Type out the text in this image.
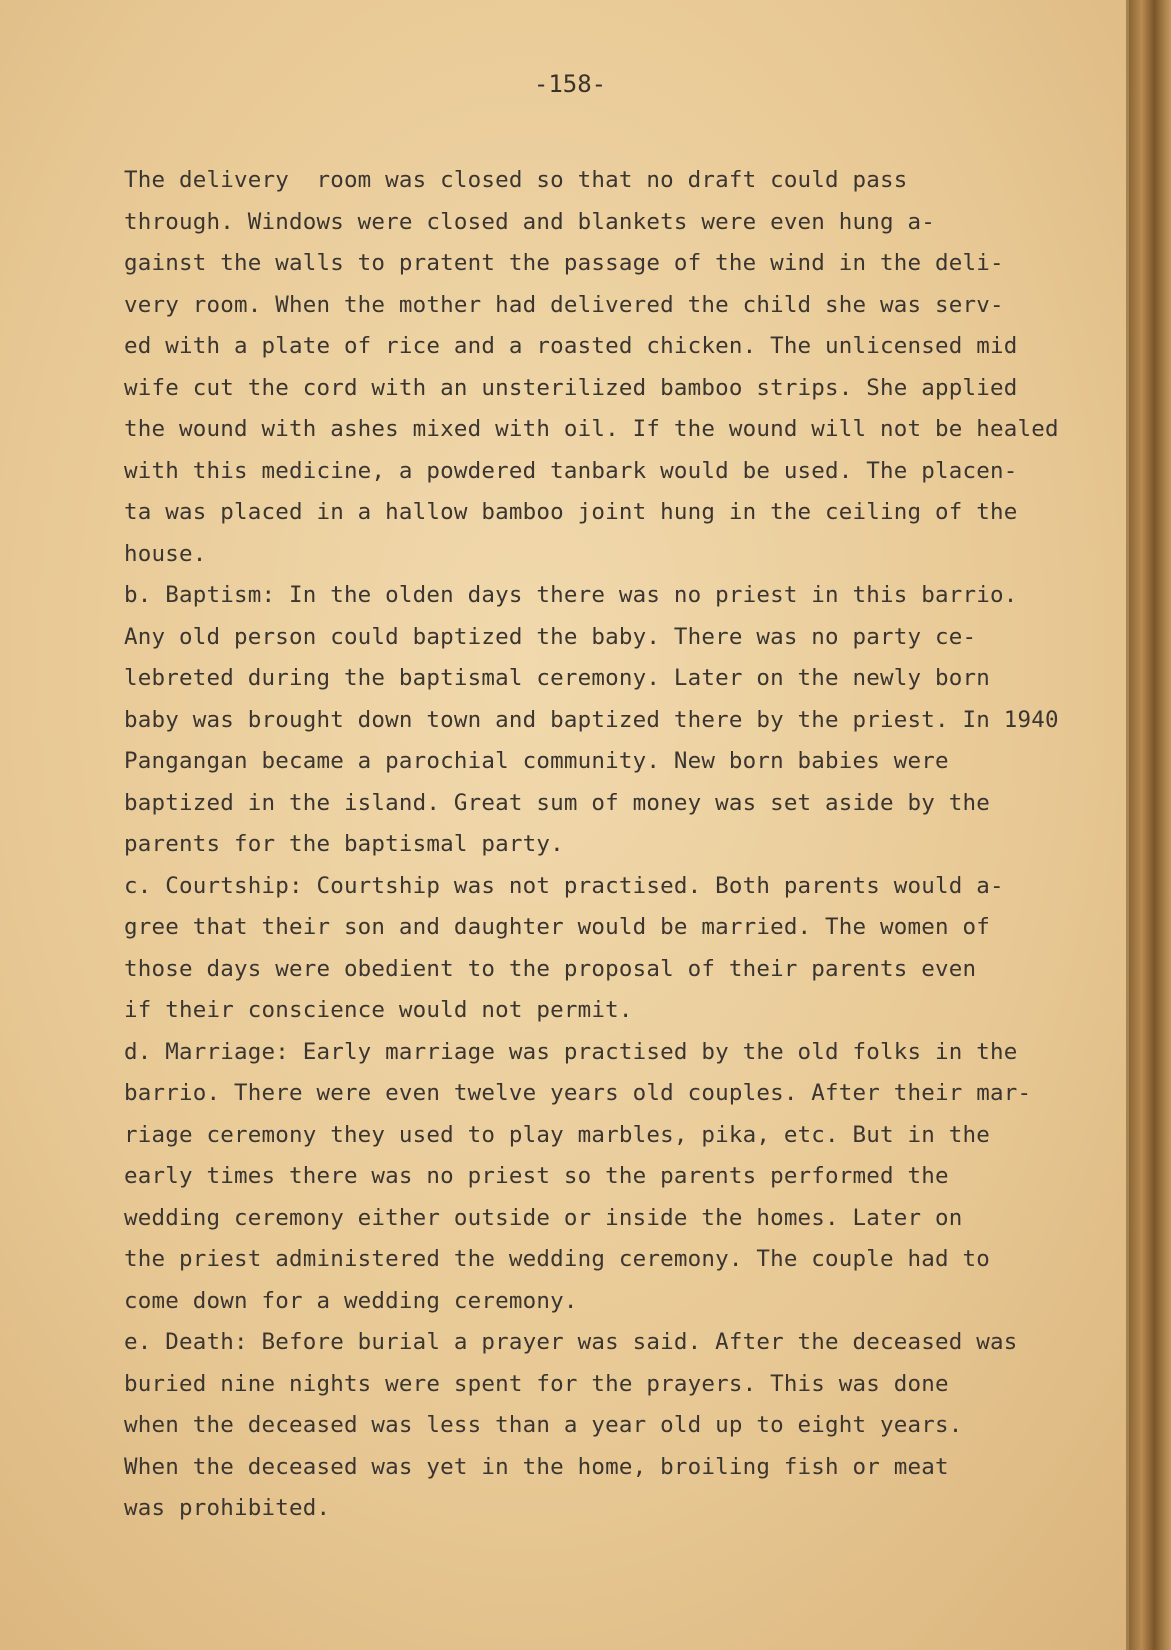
-158-
The delivery  room was closed so that no draft could pass
through. Windows were closed and blankets were even hung a-
gainst the walls to pratent the passage of the wind in the deli-
very room. When the mother had delivered the child she was serv-
ed with a plate of rice and a roasted chicken. The unlicensed mid
wife cut the cord with an unsterilized bamboo strips. She applied
the wound with ashes mixed with oil. If the wound will not be healed
with this medicine, a powdered tanbark would be used. The placen-
ta was placed in a hallow bamboo joint hung in the ceiling of the
house.
b. Baptism: In the olden days there was no priest in this barrio.
Any old person could baptized the baby. There was no party ce-
lebreted during the baptismal ceremony. Later on the newly born
baby was brought down town and baptized there by the priest. In 1940
Pangangan became a parochial community. New born babies were
baptized in the island. Great sum of money was set aside by the
parents for the baptismal party.
c. Courtship: Courtship was not practised. Both parents would a-
gree that their son and daughter would be married. The women of
those days were obedient to the proposal of their parents even
if their conscience would not permit.
d. Marriage: Early marriage was practised by the old folks in the
barrio. There were even twelve years old couples. After their mar-
riage ceremony they used to play marbles, pika, etc. But in the
early times there was no priest so the parents performed the
wedding ceremony either outside or inside the homes. Later on
the priest administered the wedding ceremony. The couple had to
come down for a wedding ceremony.
e. Death: Before burial a prayer was said. After the deceased was
buried nine nights were spent for the prayers. This was done
when the deceased was less than a year old up to eight years.
When the deceased was yet in the home, broiling fish or meat
was prohibited.
